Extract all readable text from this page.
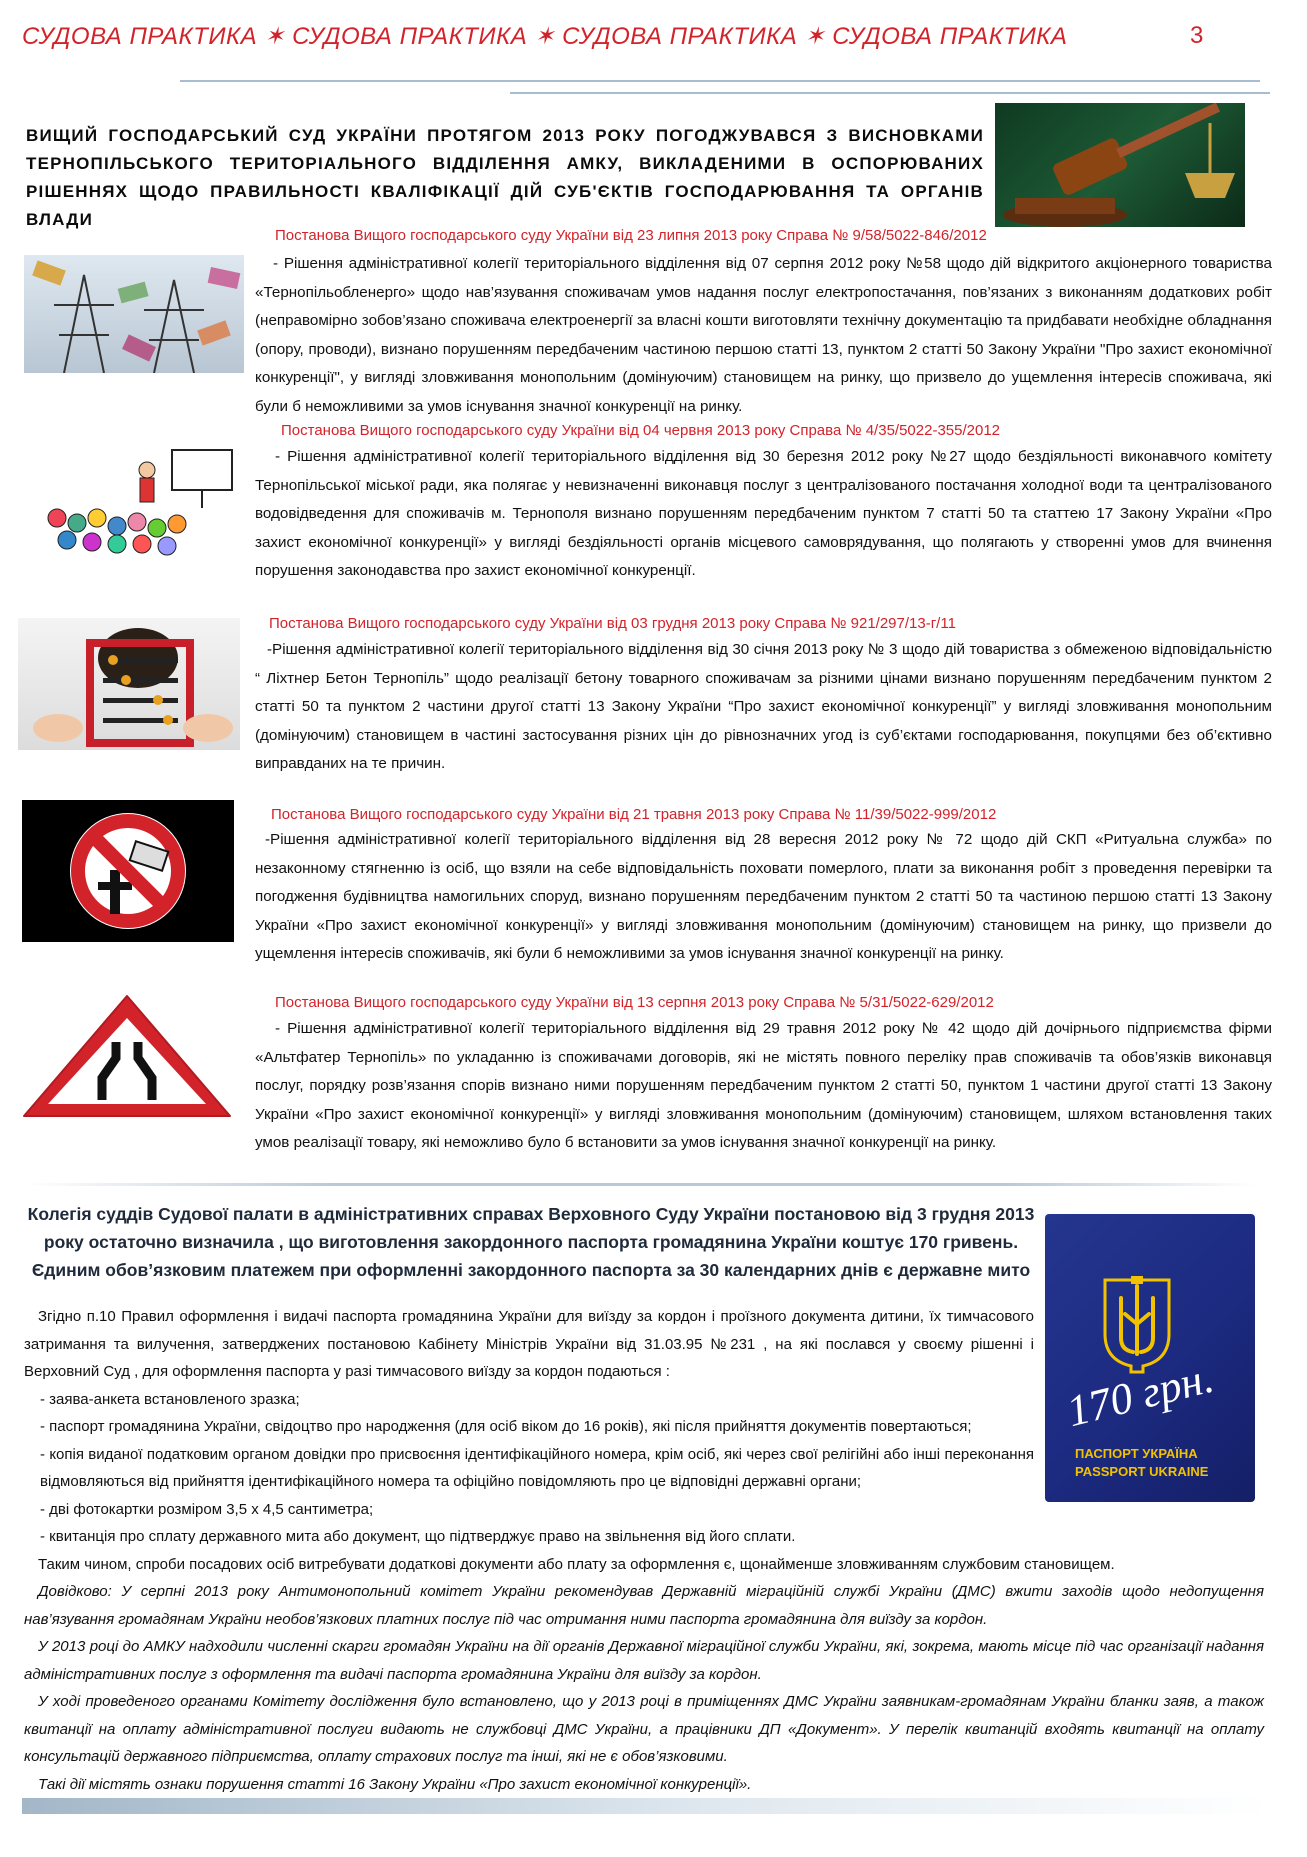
СУДОВА ПРАКТИКА ✶ СУДОВА ПРАКТИКА ✶ СУДОВА ПРАКТИКА ✶ СУДОВА ПРАКТИКА	3
ВИЩИЙ ГОСПОДАРСЬКИЙ СУД УКРАЇНИ ПРОТЯГОМ 2013 РОКУ ПОГОДЖУВАВСЯ З ВИСНОВКАМИ ТЕРНОПІЛЬСЬКОГО ТЕРИТОРІАЛЬНОГО ВІДДІЛЕННЯ АМКУ, ВИКЛАДЕНИМИ В ОСПОРЮВАНИХ РІШЕННЯХ ЩОДО ПРАВИЛЬНОСТІ КВАЛІФІКАЦІЇ ДІЙ СУБ'ЄКТІВ ГОСПОДАРЮВАННЯ ТА ОРГАНІВ ВЛАДИ
Постанова Вищого господарського суду України від 23 липня 2013 року Справа № 9/58/5022-846/2012
- Рішення адміністративної колегії територіального відділення від 07 серпня 2012 року №58 щодо дій відкритого акціонерного товариства «Тернопільобленерго» щодо нав’язування споживачам умов надання послуг електропостачання, пов’язаних з виконанням додаткових робіт (неправомірно зобов’язано споживача електроенергії за власні кошти виготовляти технічну документацію та придбавати необхідне обладнання (опору, проводи), визнано порушенням передбаченим частиною першою статті 13, пунктом 2 статті 50 Закону України "Про захист економічної конкуренції", у вигляді зловживання монопольним (домінуючим) становищем на ринку, що призвело до ущемлення інтересів споживача, які були б неможливими за умов існування значної конкуренції на ринку.
Постанова Вищого господарського суду України від 04 червня 2013 року Справа № 4/35/5022-355/2012
- Рішення адміністративної колегії територіального відділення від 30 березня 2012 року №27 щодо бездіяльності виконавчого комітету Тернопільської міської ради, яка полягає у невизначенні виконавця послуг з централізованого постачання холодної води та централізованого водовідведення для споживачів м. Тернополя визнано порушенням передбаченим пунктом 7 статті 50 та статтею 17 Закону України «Про захист економічної конкуренції» у вигляді бездіяльності органів місцевого самоврядування, що полягають у створенні умов для вчинення порушення законодавства про захист економічної конкуренції.
Постанова Вищого господарського суду України від 03 грудня 2013 року Справа № 921/297/13-г/11
-Рішення адміністративної колегії територіального відділення від 30 січня 2013 року № 3 щодо дій товариства з обмеженою відповідальністю “ Ліхтнер Бетон Тернопіль” щодо реалізації бетону товарного споживачам за різними цінами визнано порушенням передбаченим пунктом 2 статті 50 та пунктом 2 частини другої статті 13 Закону України “Про захист економічної конкуренції” у вигляді зловживання монопольним (домінуючим) становищем в частині застосування різних цін до рівнозначних угод із суб’єктами господарювання, покупцями без об’єктивно виправданих на те причин.
Постанова Вищого господарського суду України від 21 травня 2013 року Справа № 11/39/5022-999/2012
-Рішення адміністративної колегії територіального відділення від 28 вересня 2012 року № 72 щодо дій СКП «Ритуальна служба» по незаконному стягненню із осіб, що взяли на себе відповідальність поховати померлого, плати за виконання робіт з проведення перевірки та погодження будівництва намогильних споруд, визнано порушенням передбаченим пунктом 2 статті 50 та частиною першою статті 13 Закону України «Про захист економічної конкуренції» у вигляді зловживання монопольним (домінуючим) становищем на ринку, що призвели до ущемлення інтересів споживачів, які були б неможливими за умов існування значної конкуренції на ринку.
Постанова Вищого господарського суду України від 13 серпня 2013 року Справа № 5/31/5022-629/2012
- Рішення адміністративної колегії територіального відділення від 29 травня 2012 року № 42 щодо дій дочірнього підприємства фірми «Альтфатер Тернопіль» по укладанню із споживачами договорів, які не містять повного переліку прав споживачів та обов’язків виконавця послуг, порядку розв’язання спорів визнано ними порушенням передбаченим пунктом 2 статті 50, пунктом 1 частини другої статті 13 Закону України «Про захист економічної конкуренції» у вигляді зловживання монопольним (домінуючим) становищем, шляхом встановлення таких умов реалізації товару, які неможливо було б встановити за умов існування значної конкуренції на ринку.
Колегія суддів Судової палати в адміністративних справах Верховного Суду України постановою від 3 грудня 2013 року остаточно визначила , що виготовлення закордонного паспорта громадянина України коштує 170 гривень. Єдиним обов’язковим платежем при оформленні закордонного паспорта за 30 календарних днів є державне мито
170 грн.
ПАСПОРТ УКРАЇНА
PASSPORT UKRAINE

Згідно п.10 Правил оформлення і видачі паспорта громадянина України для виїзду за кордон і проїзного документа дитини, їх тимчасового затримання та вилучення, затверджених постановою Кабінету Міністрів України від 31.03.95 №231 , на які послався у своєму рішенні і Верховний Суд , для оформлення паспорта у разі тимчасового виїзду за кордон подаються :

- заява-анкета встановленого зразка;
- паспорт громадянина України, свідоцтво про народження (для осіб віком до 16 років), які після прийняття документів повертаються;
- копія виданої податковим органом довідки про присвоєння ідентифікаційного номера, крім осіб, які через свої релігійні або інші переконання відмовляються від прийняття ідентифікаційного номера та офіційно повідомляють про це відповідні державні органи;
- дві фотокартки розміром 3,5 x 4,5 сантиметра;
- квитанція про сплату державного мита або документ, що підтверджує право на звільнення від його сплати.

Таким чином, спроби посадових осіб витребувати додаткові документи або плату за оформлення є, щонайменше зловживанням службовим становищем.

Довідково: У серпні 2013 року Антимонопольний комітет України рекомендував Державній міграційній службі України (ДМС) вжити заходів щодо недопущення нав’язування громадянам України необов’язкових платних послуг під час отримання ними паспорта громадянина для виїзду за кордон.

У 2013 році до АМКУ надходили численні скарги громадян України на дії органів Державної міграційної служби України, які, зокрема, мають місце під час організації надання адміністративних послуг з оформлення та видачі паспорта громадянина України для виїзду за кордон.

У ході проведеного органами Комітету дослідження було встановлено, що у 2013 році в приміщеннях ДМС України заявникам-громадянам України бланки заяв, а також квитанції на оплату адміністративної послуги видають не службовці ДМС України, а працівники ДП «Документ». У перелік квитанцій входять квитанції на оплату консультацій державного підприємства, оплату страхових послуг та інші, які не є обов’язковими.

Такі дії містять ознаки порушення статті 16 Закону України «Про захист економічної конкуренції».
